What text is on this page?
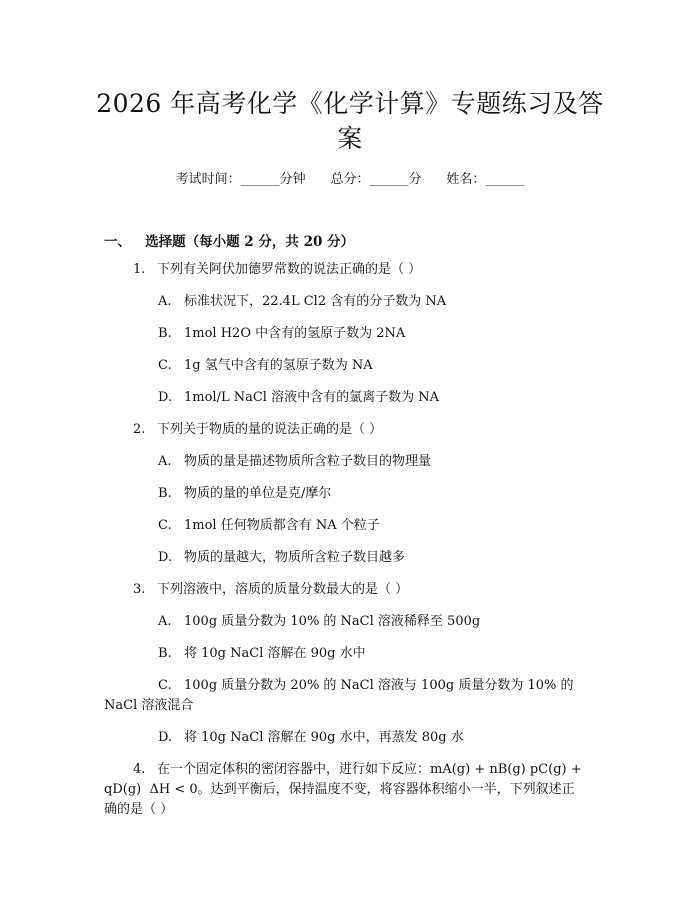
2026 年高考化学《化学计算》专题练习及答
案
考试时间：______分钟 总分：______分 姓名：______
一、 选择题（每小题 2 分，共 20 分）
1. 下列有关阿伏加德罗常数的说法正确的是（ ）
A. 标准状况下，22.4L Cl2 含有的分子数为 NA
B. 1mol H2O 中含有的氢原子数为 2NA
C. 1g 氢气中含有的氢原子数为 NA
D. 1mol/L NaCl 溶液中含有的氯离子数为 NA
2. 下列关于物质的量的说法正确的是（ ）
A. 物质的量是描述物质所含粒子数目的物理量
B. 物质的量的单位是克/摩尔
C. 1mol 任何物质都含有 NA 个粒子
D. 物质的量越大，物质所含粒子数目越多
3. 下列溶液中，溶质的质量分数最大的是（ ）
A. 100g 质量分数为 10% 的 NaCl 溶液稀释至 500g
B. 将 10g NaCl 溶解在 90g 水中
C. 100g 质量分数为 20% 的 NaCl 溶液与 100g 质量分数为 10% 的
NaCl 溶液混合
D. 将 10g NaCl 溶解在 90g 水中，再蒸发 80g 水
4. 在一个固定体积的密闭容器中，进行如下反应：mA(g) + nB(g) pC(g) +
qD(g)  ΔH < 0。达到平衡后，保持温度不变，将容器体积缩小一半，下列叙述正
确的是（ ）
